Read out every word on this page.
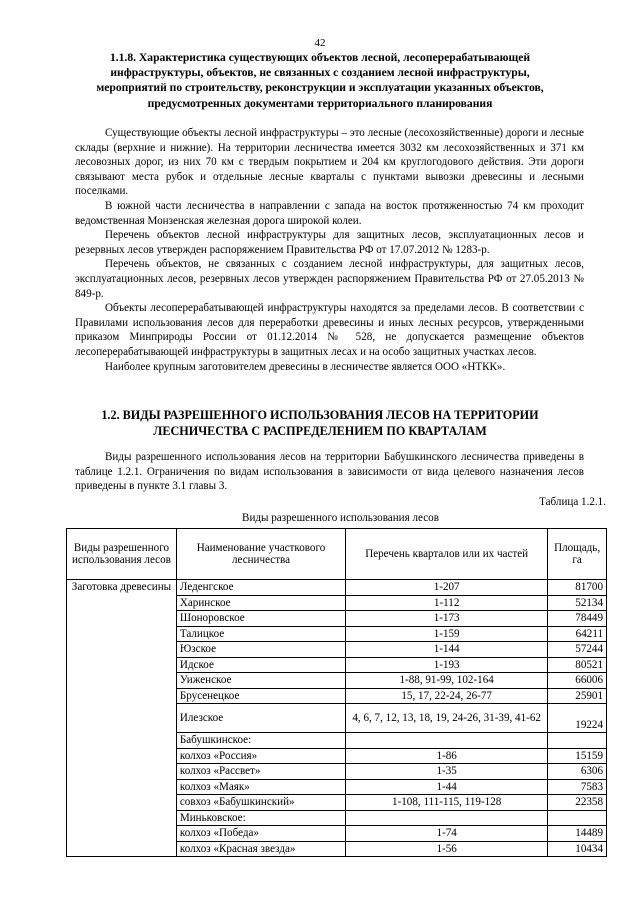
42
1.1.8. Характеристика существующих объектов лесной, лесоперерабатывающей инфраструктуры, объектов, не связанных с созданием лесной инфраструктуры, мероприятий по строительству, реконструкции и эксплуатации указанных объектов, предусмотренных документами территориального планирования

Существующие объекты лесной инфраструктуры – это лесные (лесохозяйственные) дороги и лесные склады (верхние и нижние). На территории лесничества имеется 3032 км лесохозяйственных и 371 км лесовозных дорог, из них 70 км с твердым покрытием и 204 км круглогодового действия. Эти дороги связывают места рубок и отдельные лесные кварталы с пунктами вывозки древесины и лесными поселками.

В южной части лесничества в направлении с запада на восток протяженностью 74 км проходит ведомственная Монзенская железная дорога широкой колеи.

Перечень объектов лесной инфраструктуры для защитных лесов, эксплуатационных лесов и резервных лесов утвержден распоряжением Правительства РФ от 17.07.2012 № 1283-р.

Перечень объектов, не связанных с созданием лесной инфраструктуры, для защитных лесов, эксплуатационных лесов, резервных лесов утвержден распоряжением Правительства РФ от 27.05.2013 № 849-р.

Объекты лесоперерабатывающей инфраструктуры находятся за пределами лесов. В соответствии с Правилами использования лесов для переработки древесины и иных лесных ресурсов, утвержденными приказом Минприроды России от 01.12.2014 № 528, не допускается размещение объектов лесоперерабатывающей инфраструктуры в защитных лесах и на особо защитных участках лесов.

Наиболее крупным заготовителем древесины в лесничестве является ООО «НТКК».

1.2. ВИДЫ РАЗРЕШЕННОГО ИСПОЛЬЗОВАНИЯ ЛЕСОВ НА ТЕРРИТОРИИ ЛЕСНИЧЕСТВА С РАСПРЕДЕЛЕНИЕМ ПО КВАРТАЛАМ

Виды разрешенного использования лесов на территории Бабушкинского лесничества приведены в таблице 1.2.1. Ограничения по видам использования в зависимости от вида целевого назначения лесов приведены в пункте 3.1 главы 3.

Таблица 1.2.1.
Виды разрешенного использования лесов
Виды разрешенного использования лесов	Наименование участкового лесничества	Перечень кварталов или их частей	Площадь, га
Заготовка древесины	Леденгское	1-207	81700
	Харинское	1-112	52134
	Шоноровское	1-173	78449
	Талицкое	1-159	64211
	Юзское	1-144	57244
	Идское	1-193	80521
	Уиженское	1-88, 91-99, 102-164	66006
	Брусенецкое	15, 17, 22-24, 26-77	25901
	Илезское	4, 6, 7, 12, 13, 18, 19, 24-26, 31-39, 41-62	19224
	Бабушкинское:		
	колхоз «Россия»	1-86	15159
	колхоз «Рассвет»	1-35	6306
	колхоз «Маяк»	1-44	7583
	совхоз «Бабушкинский»	1-108, 111-115, 119-128	22358
	Миньковское:		
	колхоз «Победа»	1-74	14489
	колхоз «Красная звезда»	1-56	10434
